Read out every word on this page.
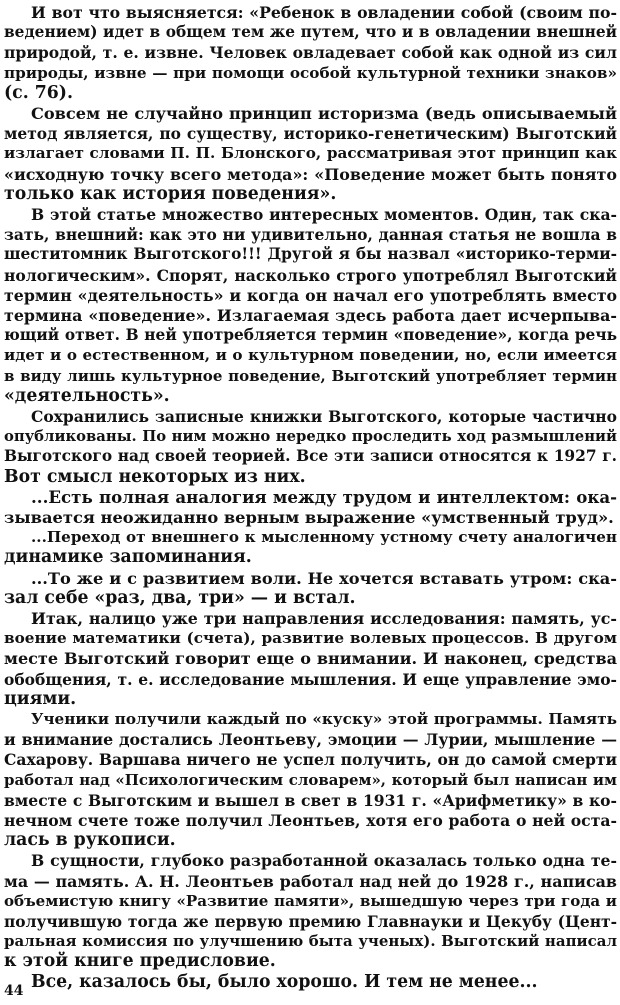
И вот что выясняется: «Ребенок в овладении собой (своим по-
ведением) идет в общем тем же путем, что и в овладении внешней
природой, т. е. извне. Человек овладевает собой как одной из сил
природы, извне — при помощи особой культурной техники знаков»
(с. 76).
Совсем не случайно принцип историзма (ведь описываемый
метод является, по существу, историко-генетическим) Выготский
излагает словами П. П. Блонского, рассматривая этот принцип как
«исходную точку всего метода»: «Поведение может быть понято
только как история поведения».
В этой статье множество интересных моментов. Один, так ска-
зать, внешний: как это ни удивительно, данная статья не вошла в
шеститомник Выготского!!! Другой я бы назвал «историко-терми-
нологическим». Спорят, насколько строго употреблял Выготский
термин «деятельность» и когда он начал его употреблять вместо
термина «поведение». Излагаемая здесь работа дает исчерпыва-
ющий ответ. В ней употребляется термин «поведение», когда речь
идет и о естественном, и о культурном поведении, но, если имеется
в виду лишь культурное поведение, Выготский употребляет термин
«деятельность».
Сохранились записные книжки Выготского, которые частично
опубликованы. По ним можно нередко проследить ход размышлений
Выготского над своей теорией. Все эти записи относятся к 1927 г.
Вот смысл некоторых из них.
...Есть полная аналогия между трудом и интеллектом: ока-
зывается неожиданно верным выражение «умственный труд».
...Переход от внешнего к мысленному устному счету аналогичен
динамике запоминания.
...То же и с развитием воли. Не хочется вставать утром: ска-
зал себе «раз, два, три» — и встал.
Итак, налицо уже три направления исследования: память, ус-
воение математики (счета), развитие волевых процессов. В другом
месте Выготский говорит еще о внимании. И наконец, средства
обобщения, т. е. исследование мышления. И еще управление эмо-
циями.
Ученики получили каждый по «куску» этой программы. Память
и внимание достались Леонтьеву, эмоции — Лурии, мышление —
Сахарову. Варшава ничего не успел получить, он до самой смерти
работал над «Психологическим словарем», который был написан им
вместе с Выготским и вышел в свет в 1931 г. «Арифметику» в ко-
нечном счете тоже получил Леонтьев, хотя его работа о ней оста-
лась в рукописи.
В сущности, глубоко разработанной оказалась только одна те-
ма — память. А. Н. Леонтьев работал над ней до 1928 г., написав
объемистую книгу «Развитие памяти», вышедшую через три года и
получившую тогда же первую премию Главнауки и Цекубу (Цент-
ральная комиссия по улучшению быта ученых). Выготский написал
к этой книге предисловие.
Все, казалось бы, было хорошо. И тем не менее...
44
